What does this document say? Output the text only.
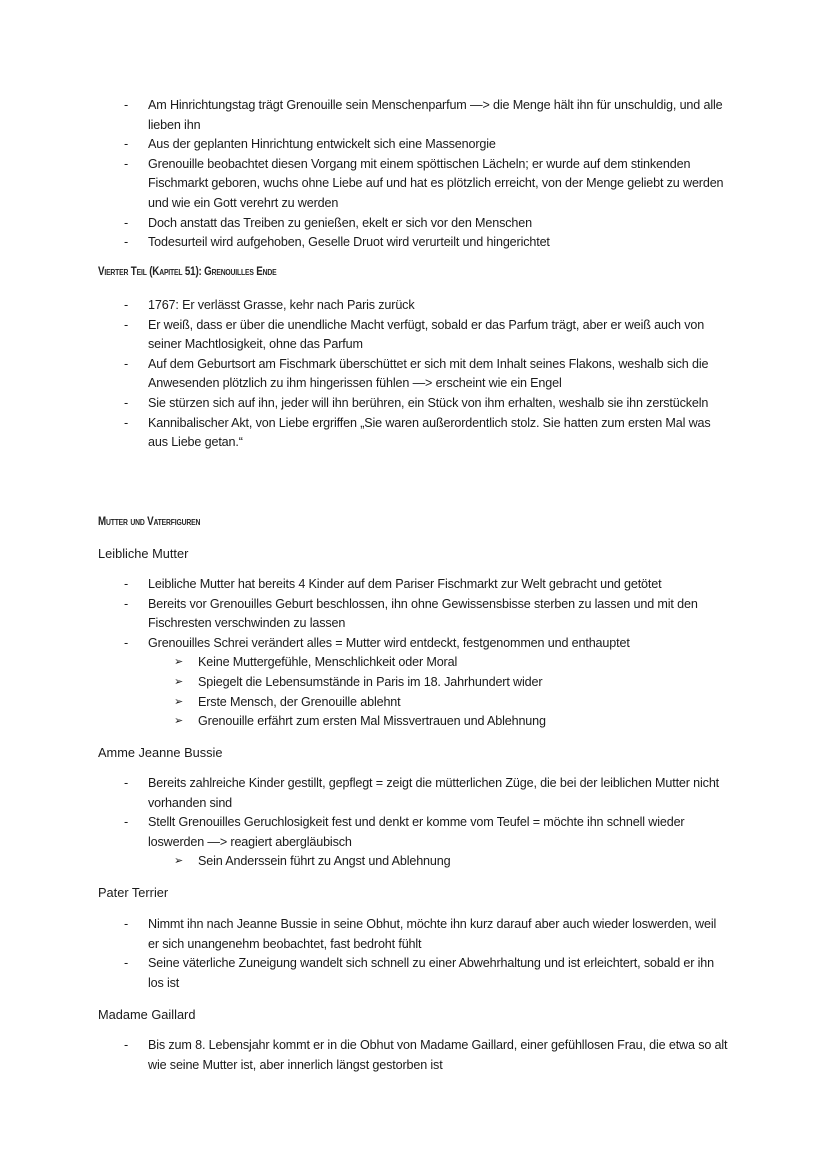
- Am Hinrichtungstag trägt Grenouille sein Menschenparfum —> die Menge hält ihn für unschuldig, und alle lieben ihn
- Aus der geplanten Hinrichtung entwickelt sich eine Massenorgie
- Grenouille beobachtet diesen Vorgang mit einem spöttischen Lächeln; er wurde auf dem stinkenden Fischmarkt geboren, wuchs ohne Liebe auf und hat es plötzlich erreicht, von der Menge geliebt zu werden und wie ein Gott verehrt zu werden
- Doch anstatt das Treiben zu genießen, ekelt er sich vor den Menschen
- Todesurteil wird aufgehoben, Geselle Druot wird verurteilt und hingerichtet
Vierter Teil (Kapitel 51): Grenouilles Ende
- 1767: Er verlässt Grasse, kehr nach Paris zurück
- Er weiß, dass er über die unendliche Macht verfügt, sobald er das Parfum trägt, aber er weiß auch von seiner Machtlosigkeit, ohne das Parfum
- Auf dem Geburtsort am Fischmark überschüttet er sich mit dem Inhalt seines Flakons, weshalb sich die Anwesenden plötzlich zu ihm hingerissen fühlen —> erscheint wie ein Engel
- Sie stürzen sich auf ihn, jeder will ihn berühren, ein Stück von ihm erhalten, weshalb sie ihn zerstückeln
- Kannibalischer Akt, von Liebe ergriffen „Sie waren außerordentlich stolz. Sie hatten zum ersten Mal was aus Liebe getan.“
Mutter und Vaterfiguren
Leibliche Mutter
- Leibliche Mutter hat bereits 4 Kinder auf dem Pariser Fischmarkt zur Welt gebracht und getötet
- Bereits vor Grenouilles Geburt beschlossen, ihn ohne Gewissensbisse sterben zu lassen und mit den Fischresten verschwinden zu lassen
- Grenouilles Schrei verändert alles = Mutter wird entdeckt, festgenommen und enthauptet
➢ Keine Muttergefühle, Menschlichkeit oder Moral
➢ Spiegelt die Lebensumstände in Paris im 18. Jahrhundert wider
➢ Erste Mensch, der Grenouille ablehnt
➢ Grenouille erfährt zum ersten Mal Missvertrauen und Ablehnung
Amme Jeanne Bussie
- Bereits zahlreiche Kinder gestillt, gepflegt = zeigt die mütterlichen Züge, die bei der leiblichen Mutter nicht vorhanden sind
- Stellt Grenouilles Geruchlosigkeit fest und denkt er komme vom Teufel = möchte ihn schnell wieder loswerden —> reagiert abergläubisch
➢ Sein Anderssein führt zu Angst und Ablehnung
Pater Terrier
- Nimmt ihn nach Jeanne Bussie in seine Obhut, möchte ihn kurz darauf aber auch wieder loswerden, weil er sich unangenehm beobachtet, fast bedroht fühlt
- Seine väterliche Zuneigung wandelt sich schnell zu einer Abwehrhaltung und ist erleichtert, sobald er ihn los ist
Madame Gaillard
- Bis zum 8. Lebensjahr kommt er in die Obhut von Madame Gaillard, einer gefühllosen Frau, die etwa so alt wie seine Mutter ist, aber innerlich längst gestorben ist
